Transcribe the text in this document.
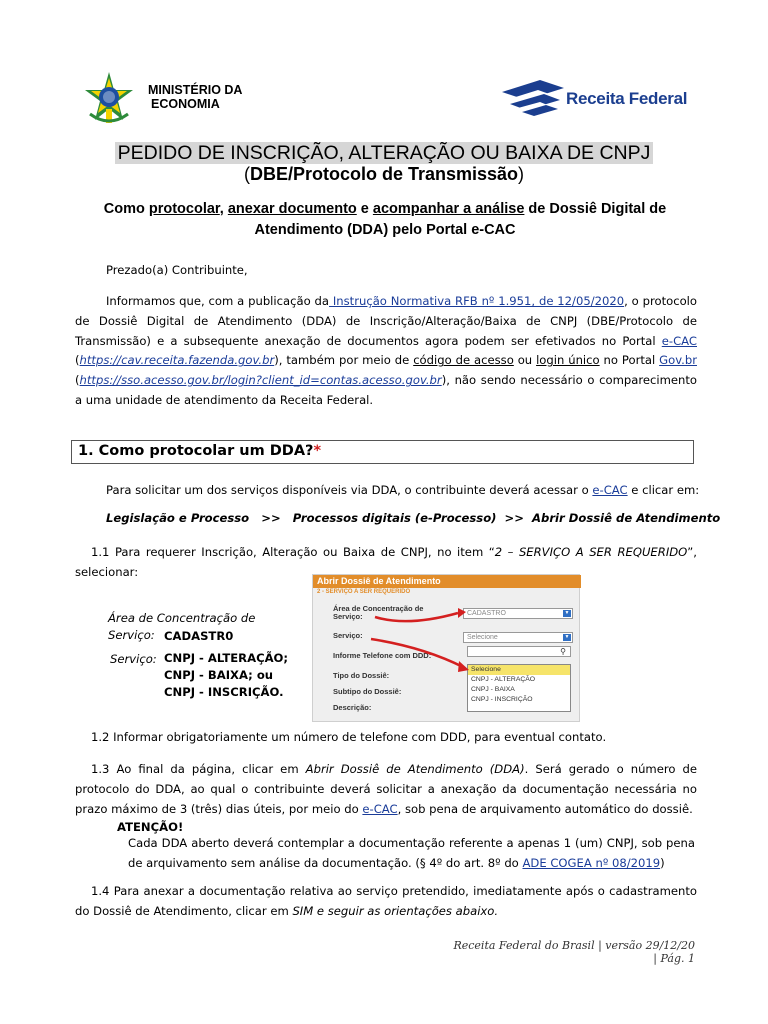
MINISTÉRIO DA
ECONOMIA	Receita Federal
PEDIDO DE INSCRIÇÃO, ALTERAÇÃO OU BAIXA DE CNPJ
(DBE/Protocolo de Transmissão)
Como protocolar, anexar documento e acompanhar a análise de Dossiê Digital de Atendimento (DDA) pelo Portal e-CAC
Prezado(a) Contribuinte,
Informamos que, com a publicação da Instrução Normativa RFB nº 1.951, de 12/05/2020, o protocolo de Dossiê Digital de Atendimento (DDA) de Inscrição/Alteração/Baixa de CNPJ (DBE/Protocolo de Transmissão) e a subsequente anexação de documentos agora podem ser efetivados no Portal e-CAC (https://cav.receita.fazenda.gov.br), também por meio de código de acesso ou login único no Portal Gov.br (https://sso.acesso.gov.br/login?client_id=contas.acesso.gov.br), não sendo necessário o comparecimento a uma unidade de atendimento da Receita Federal.
1. Como protocolar um DDA?*
Para solicitar um dos serviços disponíveis via DDA, o contribuinte deverá acessar o e-CAC e clicar em:
Legislação e Processo   >>   Processos digitais (e-Processo)  >>  Abrir Dossiê de Atendimento
1.1 Para requerer Inscrição, Alteração ou Baixa de CNPJ, no item “2 – SERVIÇO A SER REQUERIDO”, selecionar:
Área de Concentração de
Serviço: CADASTR0
Serviço: CNPJ - ALTERAÇÃO;
CNPJ - BAIXA; ou
CNPJ - INSCRIÇÃO.
Abrir Dossiê de Atendimento
2 - SERVIÇO A SER REQUERIDO
Área de Concentração de Serviço:	CADASTRO	▼
Serviço:	Selecione	▼
Informe Telefone com DDD:	⚲
Selecione
CNPJ - ALTERAÇÃO
CNPJ - BAIXA
CNPJ - INSCRIÇÃO
Tipo do Dossiê:
Subtipo do Dossiê:
Descrição:
1.2 Informar obrigatoriamente um número de telefone com DDD, para eventual contato.
1.3 Ao final da página, clicar em Abrir Dossiê de Atendimento (DDA). Será gerado o número de protocolo do DDA, ao qual o contribuinte deverá solicitar a anexação da documentação necessária no prazo máximo de 3 (três) dias úteis, por meio do e-CAC, sob pena de arquivamento automático do dossiê.
ATENÇÃO!
Cada DDA aberto deverá contemplar a documentação referente a apenas 1 (um) CNPJ, sob pena de arquivamento sem análise da documentação. (§ 4º do art. 8º do ADE COGEA nº 08/2019)
1.4 Para anexar a documentação relativa ao serviço pretendido, imediatamente após o cadastramento do Dossiê de Atendimento, clicar em SIM e seguir as orientações abaixo.
Receita Federal do Brasil | versão 29/12/20 | Pág. 1
